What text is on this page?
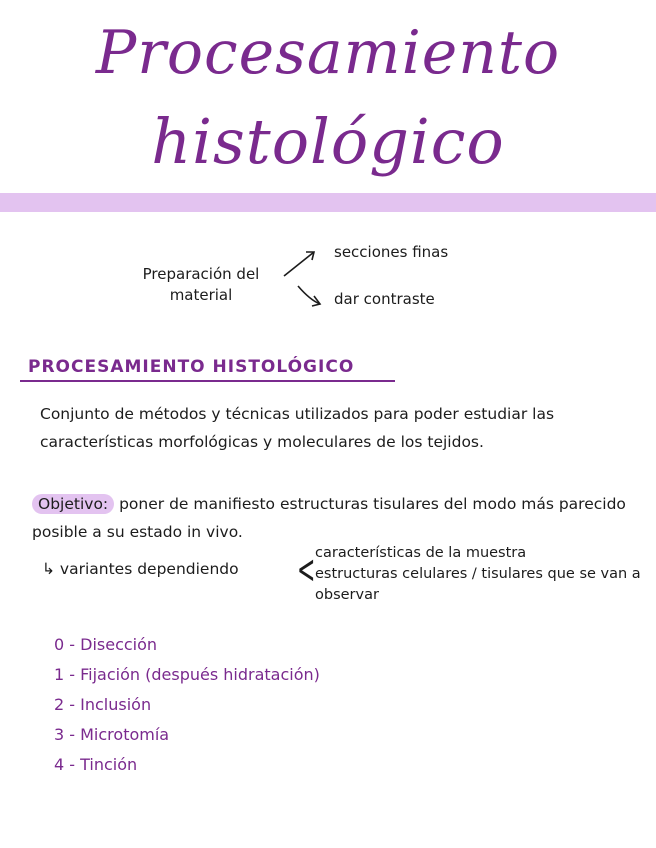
Procesamiento
histológico
Preparación del material
secciones finas
dar contraste
PROCESAMIENTO HISTOLÓGICO
Conjunto de métodos y técnicas utilizados para poder estudiar las características morfológicas y moleculares de los tejidos.
Objetivo: poner de manifiesto estructuras tisulares del modo más parecido posible a su estado in vivo.
↳ variantes dependiendo < características de la muestra
estructuras celulares / tisulares que se van a observar
0 - Disección
1 - Fijación (después hidratación)
2 - Inclusión
3 - Microtomía
4 - Tinción
